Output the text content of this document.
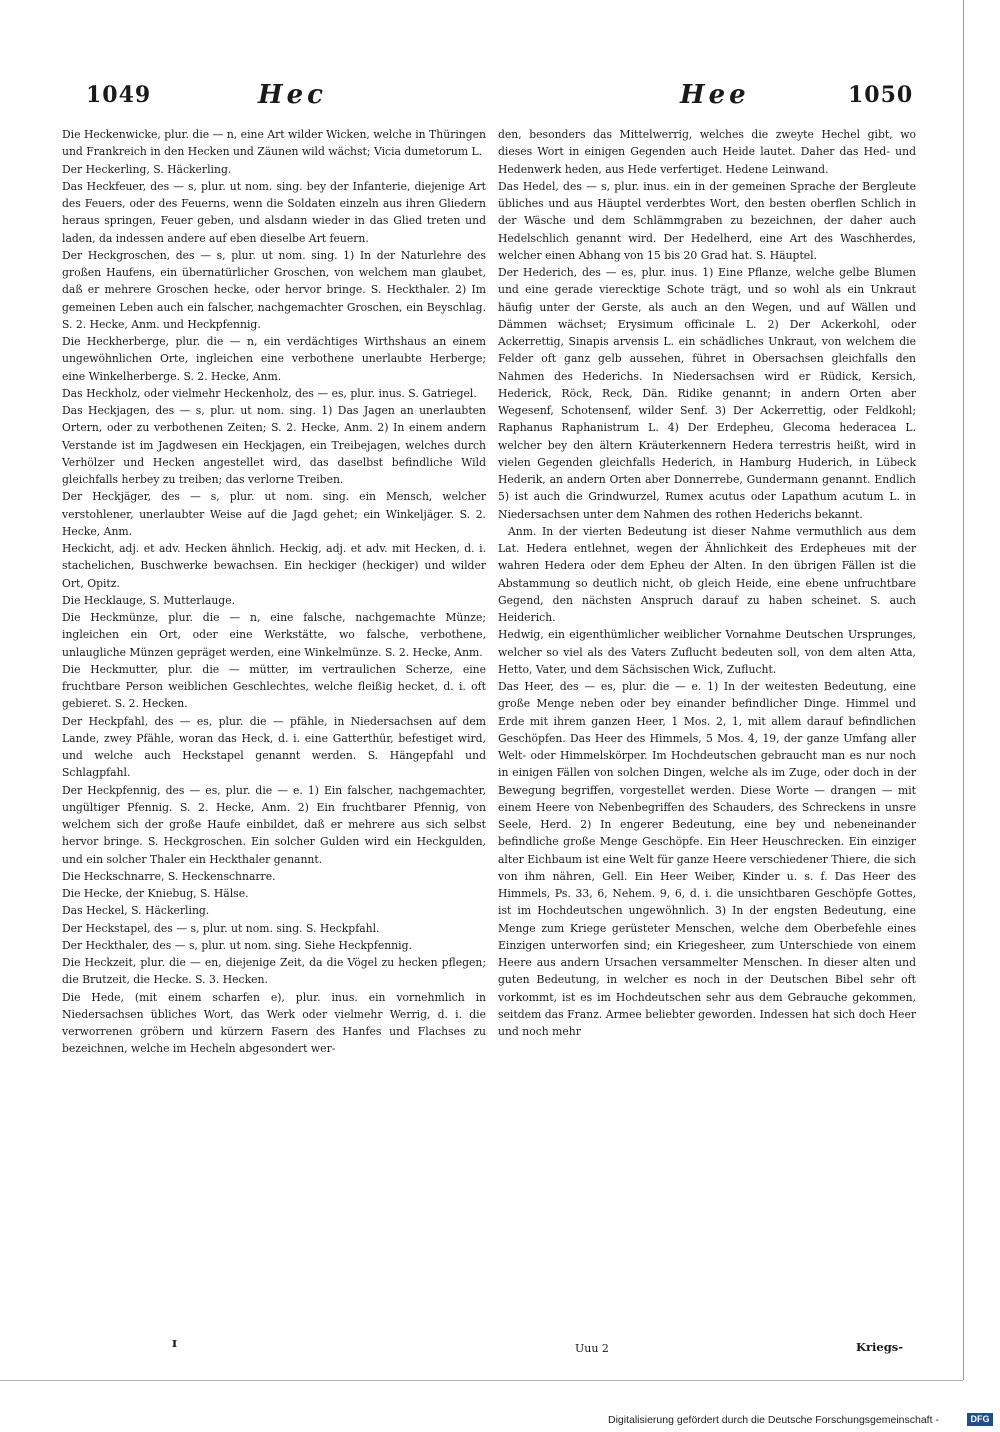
1049	Hec	Hee	1050

Die Heckenwicke, plur. die — n, eine Art wilder Wicken, welche in Thüringen und Frankreich in den Hecken und Zäunen wild wächst; Vicia dumetorum L.

Der Heckerling, S. Häckerling.

Das Heckfeuer, des — s, plur. ut nom. sing. bey der Infanterie, diejenige Art des Feuers, oder des Feuerns, wenn die Soldaten einzeln aus ihren Gliedern heraus springen, Feuer geben, und alsdann wieder in das Glied treten und laden, da indessen andere auf eben dieselbe Art feuern.

Der Heckgroschen, des — s, plur. ut nom. sing. 1) In der Naturlehre des großen Haufens, ein übernatürlicher Groschen, von welchem man glaubet, daß er mehrere Groschen hecke, oder hervor bringe. S. Heckthaler. 2) Im gemeinen Leben auch ein falscher, nachgemachter Groschen, ein Beyschlag. S. 2. Hecke, Anm. und Heckpfennig.

Die Heckherberge, plur. die — n, ein verdächtiges Wirthshaus an einem ungewöhnlichen Orte, ingleichen eine verbothene unerlaubte Herberge; eine Winkelherberge. S. 2. Hecke, Anm.

Das Heckholz, oder vielmehr Heckenholz, des — es, plur. inus. S. Gatriegel.

Das Heckjagen, des — s, plur. ut nom. sing. 1) Das Jagen an unerlaubten Ortern, oder zu verbothenen Zeiten; S. 2. Hecke, Anm. 2) In einem andern Verstande ist im Jagdwesen ein Heckjagen, ein Treibejagen, welches durch Verhölzer und Hecken angestellet wird, das daselbst befindliche Wild gleichfalls herbey zu treiben; das verlorne Treiben.

Der Heckjäger, des — s, plur. ut nom. sing. ein Mensch, welcher verstohlener, unerlaubter Weise auf die Jagd gehet; ein Winkeljäger. S. 2. Hecke, Anm.

Heckicht, adj. et adv. Hecken ähnlich. Heckig, adj. et adv. mit Hecken, d. i. stachelichen, Buschwerke bewachsen. Ein heckiger (heckiger) und wilder Ort, Opitz.

Die Hecklauge, S. Mutterlauge.

Die Heckmünze, plur. die — n, eine falsche, nachgemachte Münze; ingleichen ein Ort, oder eine Werkstätte, wo falsche, verbothene, unlaugliche Münzen gepräget werden, eine Winkelmünze. S. 2. Hecke, Anm.

Die Heckmutter, plur. die — mütter, im vertraulichen Scherze, eine fruchtbare Person weiblichen Geschlechtes, welche fleißig hecket, d. i. oft gebieret. S. 2. Hecken.

Der Heckpfahl, des — es, plur. die — pfähle, in Niedersachsen auf dem Lande, zwey Pfähle, woran das Heck, d. i. eine Gatterthür, befestiget wird, und welche auch Heckstapel genannt werden. S. Hängepfahl und Schlagpfahl.

Der Heckpfennig, des — es, plur. die — e. 1) Ein falscher, nachgemachter, ungültiger Pfennig. S. 2. Hecke, Anm. 2) Ein fruchtbarer Pfennig, von welchem sich der große Haufe einbildet, daß er mehrere aus sich selbst hervor bringe. S. Heckgroschen. Ein solcher Gulden wird ein Heckgulden, und ein solcher Thaler ein Heckthaler genannt.

Die Heckschnarre, S. Heckenschnarre.

Die Hecke, der Kniebug, S. Hälse.

Das Heckel, S. Häckerling.

Der Heckstapel, des — s, plur. ut nom. sing. S. Heckpfahl.

Der Heckthaler, des — s, plur. ut nom. sing. Siehe Heckpfennig.

Die Heckzeit, plur. die — en, diejenige Zeit, da die Vögel zu hecken pflegen; die Brutzeit, die Hecke. S. 3. Hecken.

Die Hede, (mit einem scharfen e), plur. inus. ein vornehmlich in Niedersachsen übliches Wort, das Werk oder vielmehr Werrig, d. i. die verworrenen gröbern und kürzern Fasern des Hanfes und Flachses zu bezeichnen, welche im Hecheln abgesondert wer-

den, besonders das Mittelwerrig, welches die zweyte Hechel gibt, wo dieses Wort in einigen Gegenden auch Heide lautet. Daher das Hed- und Hedenwerk heden, aus Hede verfertiget. Hedene Leinwand.

Das Hedel, des — s, plur. inus. ein in der gemeinen Sprache der Bergleute übliches und aus Häuptel verderbtes Wort, den besten oberflen Schlich in der Wäsche und dem Schlämmgraben zu bezeichnen, der daher auch Hedelschlich genannt wird. Der Hedelherd, eine Art des Waschherdes, welcher einen Abhang von 15 bis 20 Grad hat. S. Häuptel.

Der Hederich, des — es, plur. inus. 1) Eine Pflanze, welche gelbe Blumen und eine gerade vierecktige Schote trägt, und so wohl als ein Unkraut häufig unter der Gerste, als auch an den Wegen, und auf Wällen und Dämmen wächset; Erysimum officinale L. 2) Der Ackerkohl, oder Ackerrettig, Sinapis arvensis L. ein schädliches Unkraut, von welchem die Felder oft ganz gelb aussehen, führet in Obersachsen gleichfalls den Nahmen des Hederichs. In Niedersachsen wird er Rüdick, Kersich, Hederick, Röck, Reck, Dän. Ridike genannt; in andern Orten aber Wegesenf, Schotensenf, wilder Senf. 3) Der Ackerrettig, oder Feldkohl; Raphanus Raphanistrum L. 4) Der Erdepheu, Glecoma hederacea L. welcher bey den ältern Kräuterkennern Hedera terrestris heißt, wird in vielen Gegenden gleichfalls Hederich, in Hamburg Huderich, in Lübeck Hederik, an andern Orten aber Donnerrebe, Gundermann genannt. Endlich 5) ist auch die Grindwurzel, Rumex acutus oder Lapathum acutum L. in Niedersachsen unter dem Nahmen des rothen Hederichs bekannt.

Anm. In der vierten Bedeutung ist dieser Nahme vermuthlich aus dem Lat. Hedera entlehnet, wegen der Ähnlichkeit des Erdepheues mit der wahren Hedera oder dem Epheu der Alten. In den übrigen Fällen ist die Abstammung so deutlich nicht, ob gleich Heide, eine ebene unfruchtbare Gegend, den nächsten Anspruch darauf zu haben scheinet. S. auch Heiderich.

Hedwig, ein eigenthümlicher weiblicher Vornahme Deutschen Ursprunges, welcher so viel als des Vaters Zuflucht bedeuten soll, von dem alten Atta, Hetto, Vater, und dem Sächsischen Wick, Zuflucht.

Das Heer, des — es, plur. die — e. 1) In der weitesten Bedeutung, eine große Menge neben oder bey einander befindlicher Dinge. Himmel und Erde mit ihrem ganzen Heer, 1 Mos. 2, 1, mit allem darauf befindlichen Geschöpfen. Das Heer des Himmels, 5 Mos. 4, 19, der ganze Umfang aller Welt- oder Himmelskörper. Im Hochdeutschen gebraucht man es nur noch in einigen Fällen von solchen Dingen, welche als im Zuge, oder doch in der Bewegung begriffen, vorgestellet werden. Diese Worte — drangen — mit einem Heere von Nebenbegriffen des Schauders, des Schreckens in unsre Seele, Herd. 2) In engerer Bedeutung, eine bey und nebeneinander befindliche große Menge Geschöpfe. Ein Heer Heuschrecken. Ein einziger alter Eichbaum ist eine Welt für ganze Heere verschiedener Thiere, die sich von ihm nähren, Gell. Ein Heer Weiber, Kinder u. s. f. Das Heer des Himmels, Ps. 33, 6, Nehem. 9, 6, d. i. die unsichtbaren Geschöpfe Gottes, ist im Hochdeutschen ungewöhnlich. 3) In der engsten Bedeutung, eine Menge zum Kriege gerüsteter Menschen, welche dem Oberbefehle eines Einzigen unterworfen sind; ein Kriegesheer, zum Unterschiede von einem Heere aus andern Ursachen versammelter Menschen. In dieser alten und guten Bedeutung, in welcher es noch in der Deutschen Bibel sehr oft vorkommt, ist es im Hochdeutschen sehr aus dem Gebrauche gekommen, seitdem das Franz. Armee beliebter geworden. Indessen hat sich doch Heer und noch mehr

ɪ	Uuu 2	Kriegs-
Digitalisierung gefördert durch die Deutsche Forschungsgemeinschaft -	DFG
